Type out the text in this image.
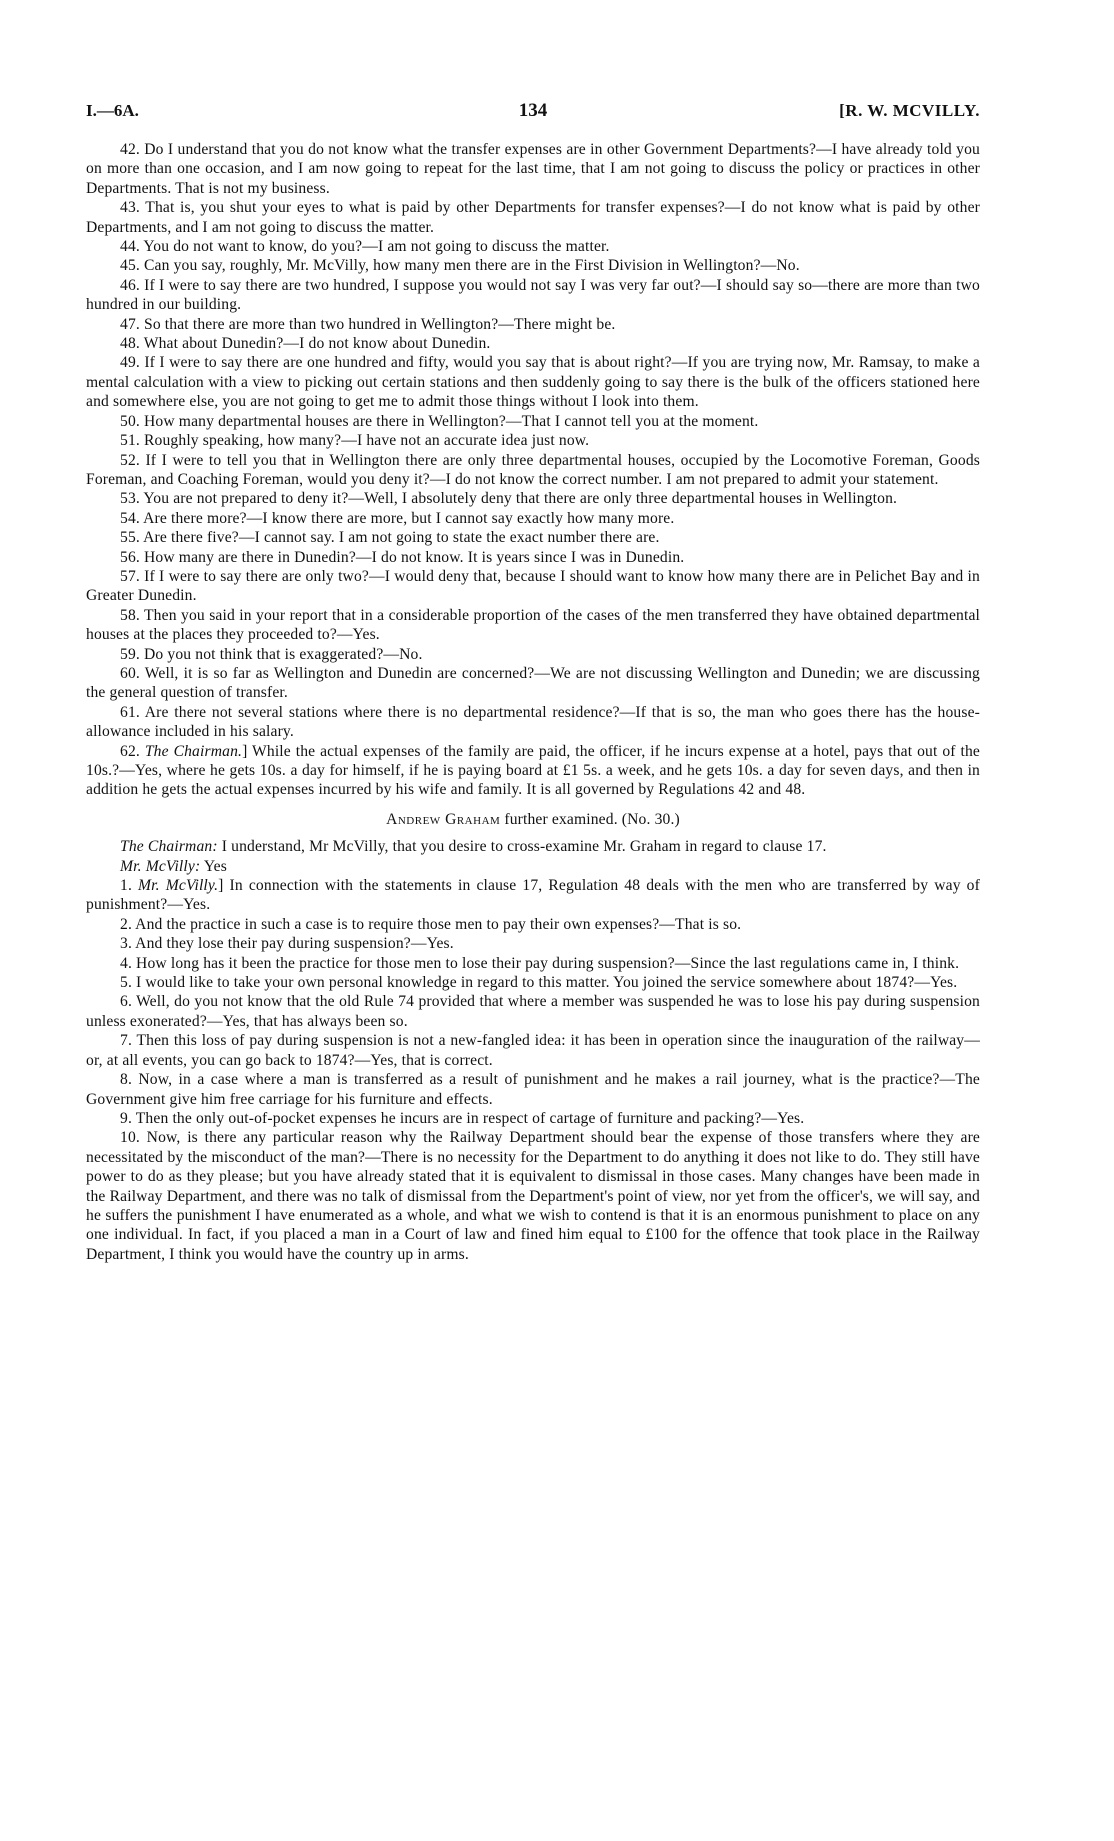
I.—6A.	134	[R. W. MCVILLY.

42. Do I understand that you do not know what the transfer expenses are in other Government Departments?—I have already told you on more than one occasion, and I am now going to repeat for the last time, that I am not going to discuss the policy or practices in other Departments. That is not my business.

43. That is, you shut your eyes to what is paid by other Departments for transfer expenses?—I do not know what is paid by other Departments, and I am not going to discuss the matter.

44. You do not want to know, do you?—I am not going to discuss the matter.

45. Can you say, roughly, Mr. McVilly, how many men there are in the First Division in Wellington?—No.

46. If I were to say there are two hundred, I suppose you would not say I was very far out?—I should say so—there are more than two hundred in our building.

47. So that there are more than two hundred in Wellington?—There might be.

48. What about Dunedin?—I do not know about Dunedin.

49. If I were to say there are one hundred and fifty, would you say that is about right?—If you are trying now, Mr. Ramsay, to make a mental calculation with a view to picking out certain stations and then suddenly going to say there is the bulk of the officers stationed here and somewhere else, you are not going to get me to admit those things without I look into them.

50. How many departmental houses are there in Wellington?—That I cannot tell you at the moment.

51. Roughly speaking, how many?—I have not an accurate idea just now.

52. If I were to tell you that in Wellington there are only three departmental houses, occupied by the Locomotive Foreman, Goods Foreman, and Coaching Foreman, would you deny it?—I do not know the correct number. I am not prepared to admit your statement.

53. You are not prepared to deny it?—Well, I absolutely deny that there are only three departmental houses in Wellington.

54. Are there more?—I know there are more, but I cannot say exactly how many more.

55. Are there five?—I cannot say. I am not going to state the exact number there are.

56. How many are there in Dunedin?—I do not know. It is years since I was in Dunedin.

57. If I were to say there are only two?—I would deny that, because I should want to know how many there are in Pelichet Bay and in Greater Dunedin.

58. Then you said in your report that in a considerable proportion of the cases of the men transferred they have obtained departmental houses at the places they proceeded to?—Yes.

59. Do you not think that is exaggerated?—No.

60. Well, it is so far as Wellington and Dunedin are concerned?—We are not discussing Wellington and Dunedin; we are discussing the general question of transfer.

61. Are there not several stations where there is no departmental residence?—If that is so, the man who goes there has the house-allowance included in his salary.

62. The Chairman.] While the actual expenses of the family are paid, the officer, if he incurs expense at a hotel, pays that out of the 10s.?—Yes, where he gets 10s. a day for himself, if he is paying board at £1 5s. a week, and he gets 10s. a day for seven days, and then in addition he gets the actual expenses incurred by his wife and family. It is all governed by Regulations 42 and 48.

Andrew Graham further examined. (No. 30.)

The Chairman: I understand, Mr McVilly, that you desire to cross-examine Mr. Graham in regard to clause 17.

Mr. McVilly: Yes

1. Mr. McVilly.] In connection with the statements in clause 17, Regulation 48 deals with the men who are transferred by way of punishment?—Yes.

2. And the practice in such a case is to require those men to pay their own expenses?—That is so.

3. And they lose their pay during suspension?—Yes.

4. How long has it been the practice for those men to lose their pay during suspension?—Since the last regulations came in, I think.

5. I would like to take your own personal knowledge in regard to this matter. You joined the service somewhere about 1874?—Yes.

6. Well, do you not know that the old Rule 74 provided that where a member was suspended he was to lose his pay during suspension unless exonerated?—Yes, that has always been so.

7. Then this loss of pay during suspension is not a new-fangled idea: it has been in operation since the inauguration of the railway—or, at all events, you can go back to 1874?—Yes, that is correct.

8. Now, in a case where a man is transferred as a result of punishment and he makes a rail journey, what is the practice?—The Government give him free carriage for his furniture and effects.

9. Then the only out-of-pocket expenses he incurs are in respect of cartage of furniture and packing?—Yes.

10. Now, is there any particular reason why the Railway Department should bear the expense of those transfers where they are necessitated by the misconduct of the man?—There is no necessity for the Department to do anything it does not like to do. They still have power to do as they please; but you have already stated that it is equivalent to dismissal in those cases. Many changes have been made in the Railway Department, and there was no talk of dismissal from the Department's point of view, nor yet from the officer's, we will say, and he suffers the punishment I have enumerated as a whole, and what we wish to contend is that it is an enormous punishment to place on any one individual. In fact, if you placed a man in a Court of law and fined him equal to £100 for the offence that took place in the Railway Department, I think you would have the country up in arms.
